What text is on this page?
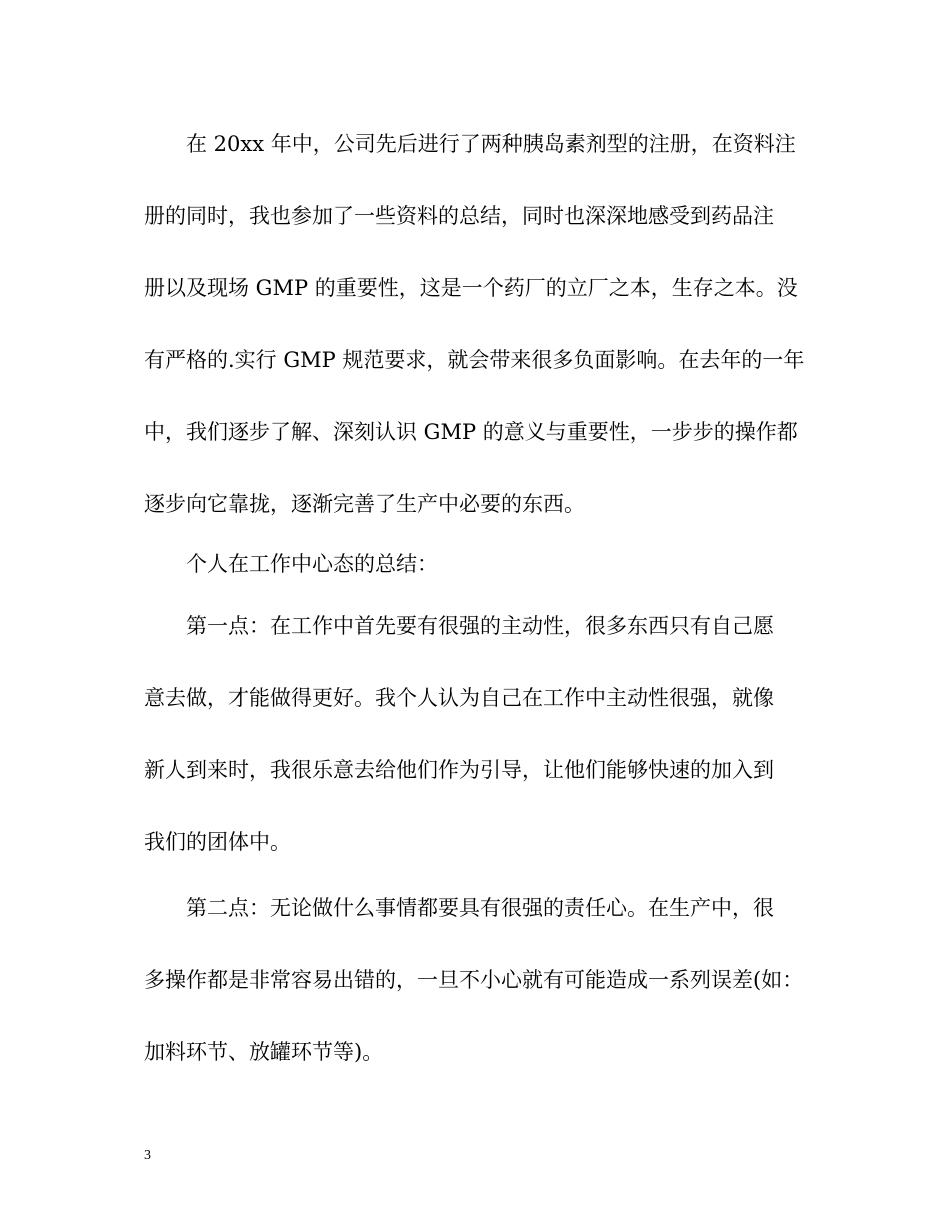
在 20xx 年中，公司先后进行了两种胰岛素剂型的注册，在资料注
册的同时，我也参加了一些资料的总结，同时也深深地感受到药品注
册以及现场 GMP 的重要性，这是一个药厂的立厂之本，生存之本。没
有严格的.实行 GMP 规范要求，就会带来很多负面影响。在去年的一年
中，我们逐步了解、深刻认识 GMP 的意义与重要性，一步步的操作都
逐步向它靠拢，逐渐完善了生产中必要的东西。
个人在工作中心态的总结：
第一点：在工作中首先要有很强的主动性，很多东西只有自己愿
意去做，才能做得更好。我个人认为自己在工作中主动性很强，就像
新人到来时，我很乐意去给他们作为引导，让他们能够快速的加入到
我们的团体中。
第二点：无论做什么事情都要具有很强的责任心。在生产中，很
多操作都是非常容易出错的，一旦不小心就有可能造成一系列误差(如：
加料环节、放罐环节等)。
3
